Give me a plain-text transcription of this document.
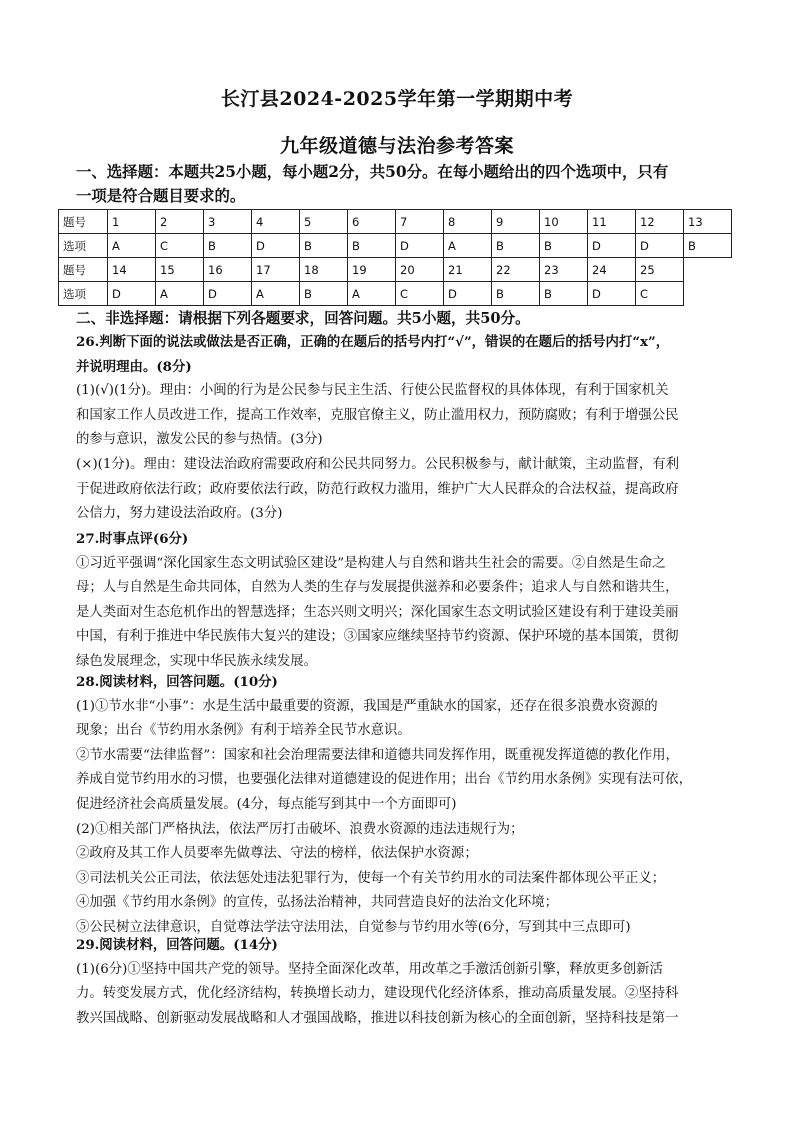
长汀县2024-2025学年第一学期期中考
九年级道德与法治参考答案
一、选择题：本题共25小题，每小题2分，共50分。在每小题给出的四个选项中，只有
一项是符合题目要求的。
题号	1	2	3	4	5	6	7	8	9	10	11	12	13
选项	A	C	B	D	B	B	D	A	B	B	D	D	B
题号	14	15	16	17	18	19	20	21	22	23	24	25	
选项	D	A	D	A	B	A	C	D	B	B	D	C	
二、非选择题：请根据下列各题要求，回答问题。共5小题，共50分。
26.判断下面的说法或做法是否正确，正确的在题后的括号内打“√”，错误的在题后的括号内打“x”，
并说明理由。(8分)
(1)(√)(1分)。理由：小闽的行为是公民参与民主生活、行使公民监督权的具体体现，有利于国家机关
和国家工作人员改进工作，提高工作效率，克服官僚主义，防止滥用权力，预防腐败；有利于增强公民
的参与意识，激发公民的参与热情。(3分)
(×)(1分)。理由：建设法治政府需要政府和公民共同努力。公民积极参与，献计献策，主动监督，有利
于促进政府依法行政；政府要依法行政，防范行政权力滥用，维护广大人民群众的合法权益，提高政府
公信力，努力建设法治政府。(3分)
27.时事点评(6分)
①习近平强调“深化国家生态文明试验区建设”是构建人与自然和谐共生社会的需要。②自然是生命之
母；人与自然是生命共同体，自然为人类的生存与发展提供滋养和必要条件；追求人与自然和谐共生，
是人类面对生态危机作出的智慧选择；生态兴则文明兴；深化国家生态文明试验区建设有利于建设美丽
中国，有利于推进中华民族伟大复兴的建设；③国家应继续坚持节约资源、保护环境的基本国策，贯彻
绿色发展理念，实现中华民族永续发展。
28.阅读材料，回答问题。(10分)
(1)①节水非“小事”：水是生活中最重要的资源，我国是严重缺水的国家，还存在很多浪费水资源的
现象；出台《节约用水条例》有利于培养全民节水意识。
②节水需要“法律监督”：国家和社会治理需要法律和道德共同发挥作用，既重视发挥道德的教化作用，
养成自觉节约用水的习惯，也要强化法律对道德建设的促进作用；出台《节约用水条例》实现有法可依，
促进经济社会高质量发展。(4分，每点能写到其中一个方面即可)
(2)①相关部门严格执法，依法严厉打击破坏、浪费水资源的违法违规行为；
②政府及其工作人员要率先做尊法、守法的榜样，依法保护水资源；
③司法机关公正司法，依法惩处违法犯罪行为，使每一个有关节约用水的司法案件都体现公平正义；
④加强《节约用水条例》的宣传，弘扬法治精神，共同营造良好的法治文化环境；
⑤公民树立法律意识，自觉尊法学法守法用法，自觉参与节约用水等(6分，写到其中三点即可)
29.阅读材料，回答问题。(14分)
(1)(6分)①坚持中国共产党的领导。坚持全面深化改革，用改革之手激活创新引擎，释放更多创新活
力。转变发展方式，优化经济结构，转换增长动力，建设现代化经济体系，推动高质量发展。②坚持科
教兴国战略、创新驱动发展战略和人才强国战略，推进以科技创新为核心的全面创新，坚持科技是第一
